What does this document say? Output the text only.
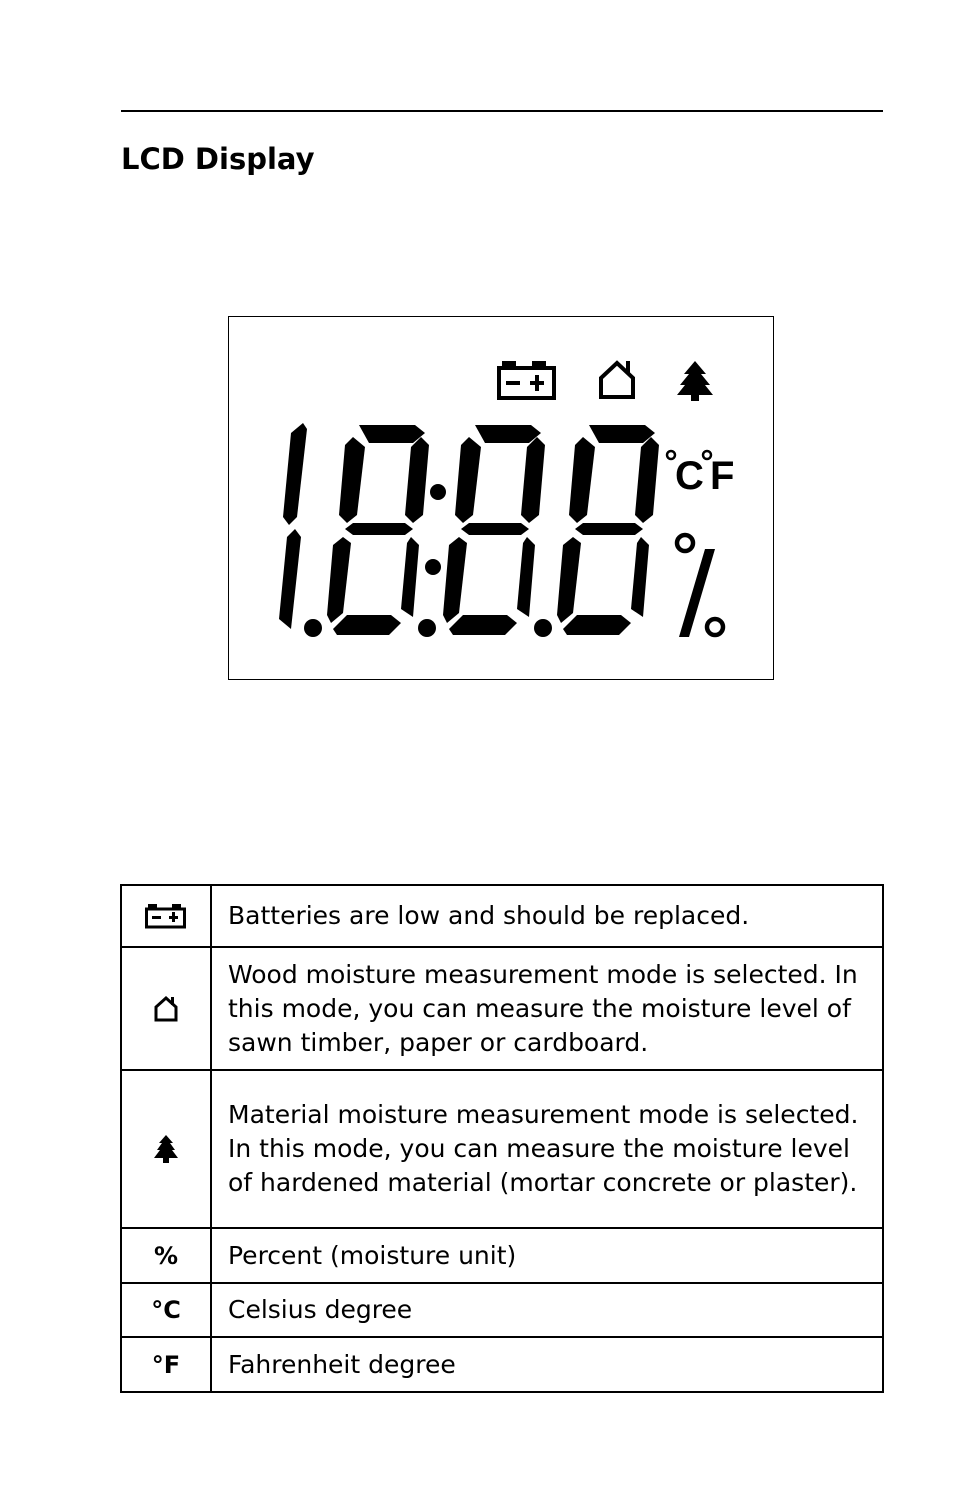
LCD Display
C F
	Batteries are low and should be replaced.

	Wood moisture measurement mode is selected. In this mode, you can measure the moisture level of sawn timber, paper or cardboard.

	Material moisture measurement mode is selected. In this mode, you can measure the moisture level of hardened material (mortar concrete or plaster).
%	Percent (moisture unit)
°C	Celsius degree
°F	Fahrenheit degree
